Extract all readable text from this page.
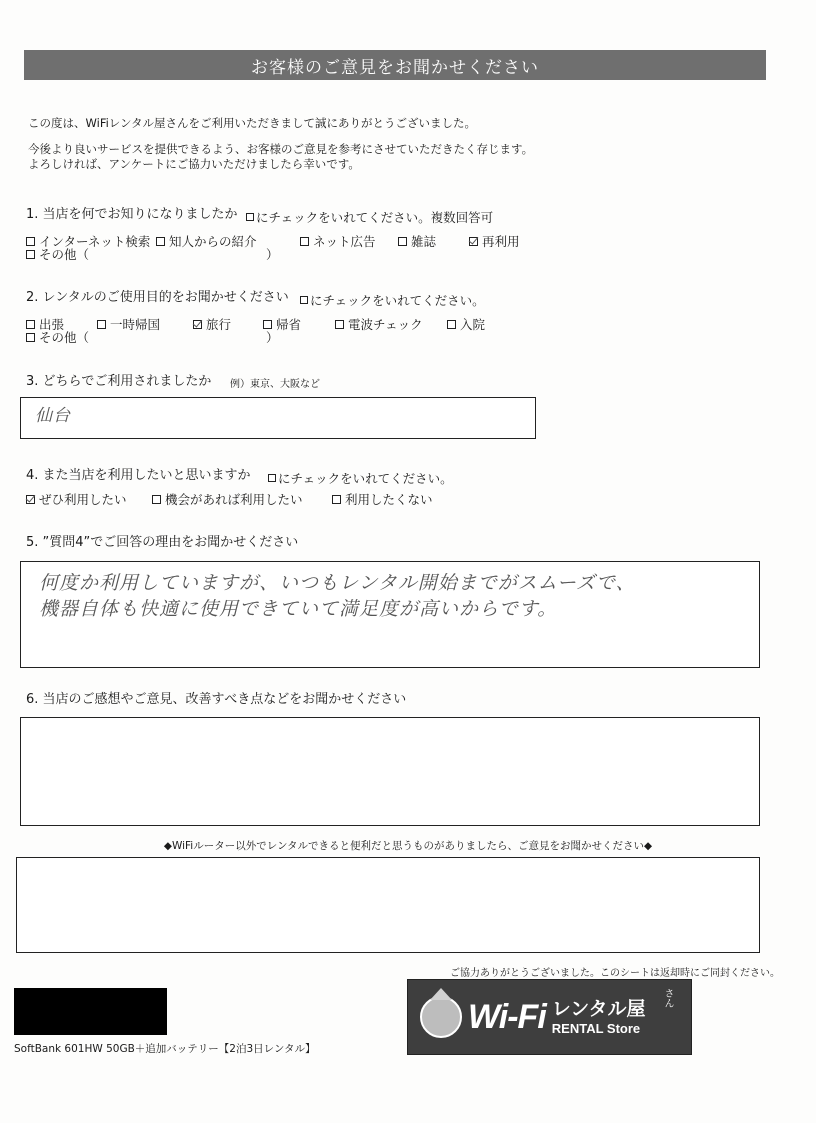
お客様のご意見をお聞かせください
この度は、WiFiレンタル屋さんをご利用いただきまして誠にありがとうございました。
今後より良いサービスを提供できるよう、お客様のご意見を参考にさせていただきたく存じます。
よろしければ、アンケートにご協力いただけましたら幸いです。
1. 当店を何でお知りになりましたか にチェックをいれてください。複数回答可
インターネット検索 知人からの紹介	ネット広告	雑誌	再利用
その他（	）
2. レンタルのご使用目的をお聞かせください にチェックをいれてください。
出張	一時帰国	旅行	帰省	電波チェック	入院
その他（	）
3. どちらでご利用されましたか 例）東京、大阪など
仙台
4. また当店を利用したいと思いますか にチェックをいれてください。
ぜひ利用したい	機会があれば利用したい	利用したくない
5. ”質問4”でご回答の理由をお聞かせください
何度か利用していますが、いつもレンタル開始までがスムーズで、
機器自体も快適に使用できていて満足度が高いからです。
6. 当店のご感想やご意見、改善すべき点などをお聞かせください
◆WiFiルーター以外でレンタルできると便利だと思うものがありましたら、ご意見をお聞かせください◆
ご協力ありがとうございました。このシートは返却時にご同封ください。
SoftBank 601HW 50GB＋追加バッテリー【2泊3日レンタル】
Wi-Fi レンタル屋
RENTAL Store
さん
